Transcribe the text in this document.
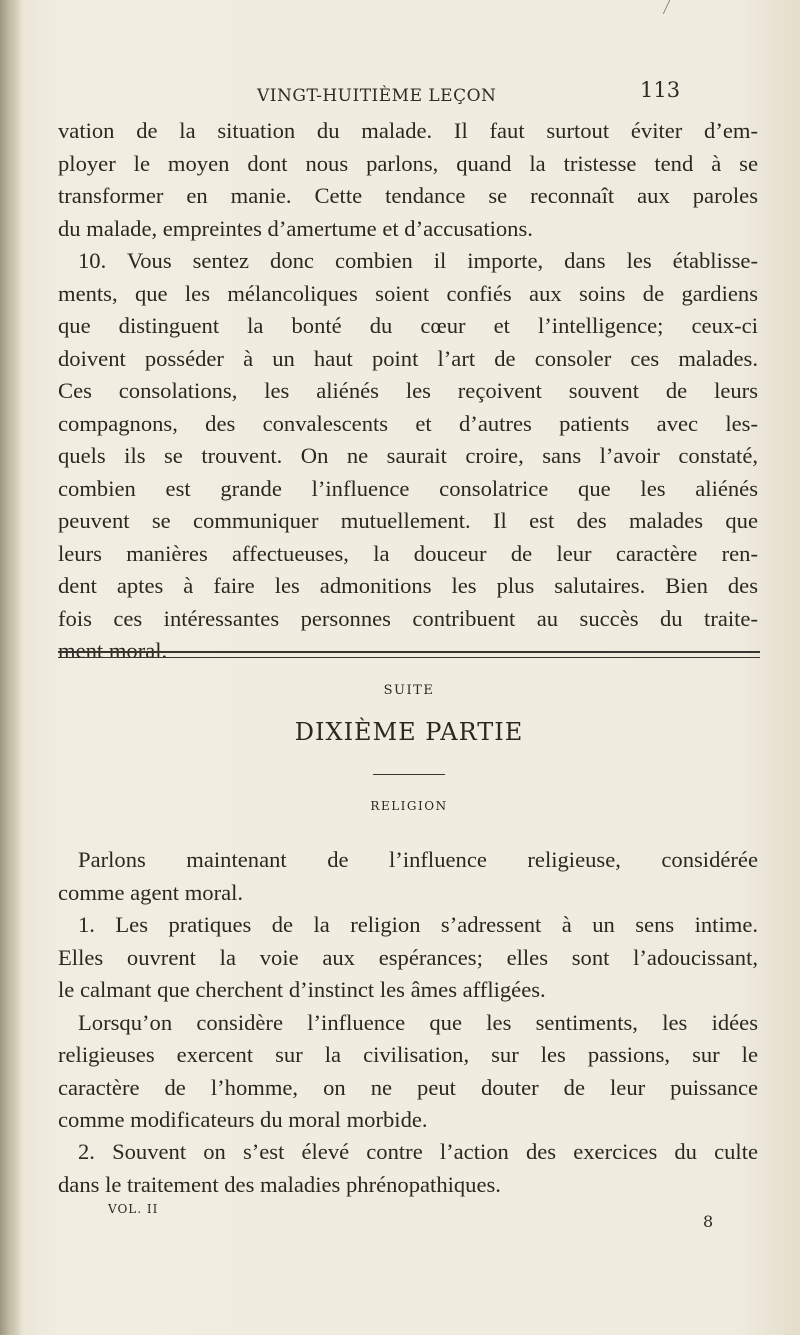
VINGT-HUITIÈME LEÇON	113
vation de la situation du malade. Il faut surtout éviter d’em-
ployer le moyen dont nous parlons, quand la tristesse tend à se
transformer en manie. Cette tendance se reconnaît aux paroles
du malade, empreintes d’amertume et d’accusations.
10. Vous sentez donc combien il importe, dans les établisse-
ments, que les mélancoliques soient confiés aux soins de gardiens
que distinguent la bonté du cœur et l’intelligence; ceux-ci
doivent posséder à un haut point l’art de consoler ces malades.
Ces consolations, les aliénés les reçoivent souvent de leurs
compagnons, des convalescents et d’autres patients avec les-
quels ils se trouvent. On ne saurait croire, sans l’avoir constaté,
combien est grande l’influence consolatrice que les aliénés
peuvent se communiquer mutuellement. Il est des malades que
leurs manières affectueuses, la douceur de leur caractère ren-
dent aptes à faire les admonitions les plus salutaires. Bien des
fois ces intéressantes personnes contribuent au succès du traite-
ment moral.
SUITE
DIXIÈME PARTIE
RELIGION
Parlons maintenant de l’influence religieuse, considérée
comme agent moral.
1. Les pratiques de la religion s’adressent à un sens intime.
Elles ouvrent la voie aux espérances; elles sont l’adoucissant,
le calmant que cherchent d’instinct les âmes affligées.
Lorsqu’on considère l’influence que les sentiments, les idées
religieuses exercent sur la civilisation, sur les passions, sur le
caractère de l’homme, on ne peut douter de leur puissance
comme modificateurs du moral morbide.
2. Souvent on s’est élevé contre l’action des exercices du culte
dans le traitement des maladies phrénopathiques.
VOL. II
8
